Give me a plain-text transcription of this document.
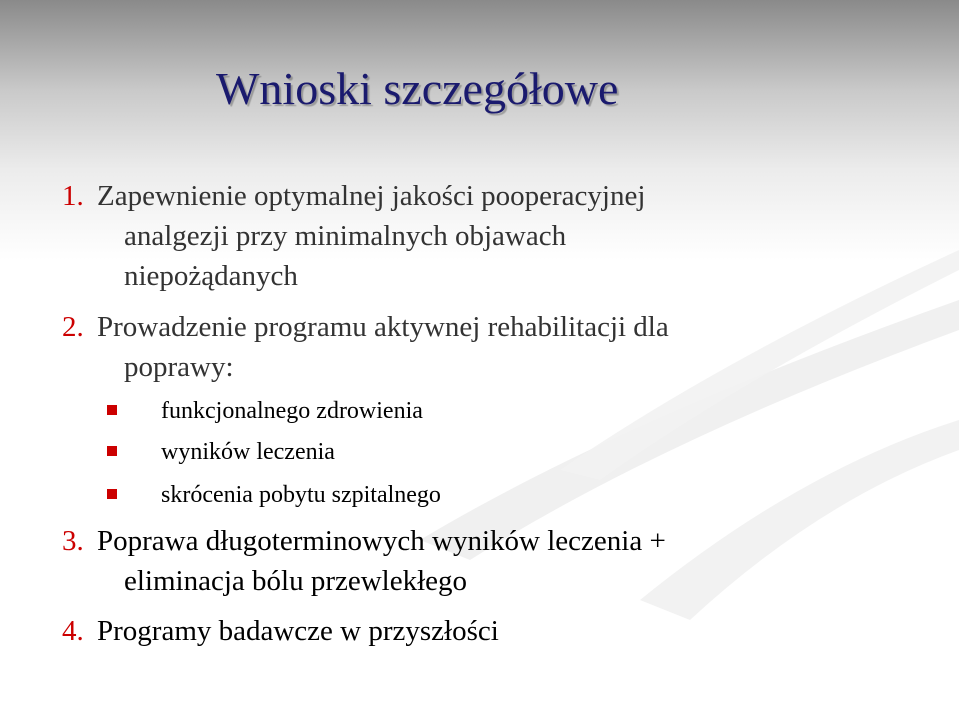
Wnioski szczegółowe
1. Zapewnienie optymalnej jakości pooperacyjnej
analgezji przy minimalnych objawach
niepożądanych
2. Prowadzenie programu aktywnej rehabilitacji dla
poprawy:
funkcjonalnego zdrowienia
wyników leczenia
skrócenia pobytu szpitalnego
3. Poprawa długoterminowych wyników leczenia +
eliminacja bólu przewlekłego
4. Programy badawcze w przyszłości
